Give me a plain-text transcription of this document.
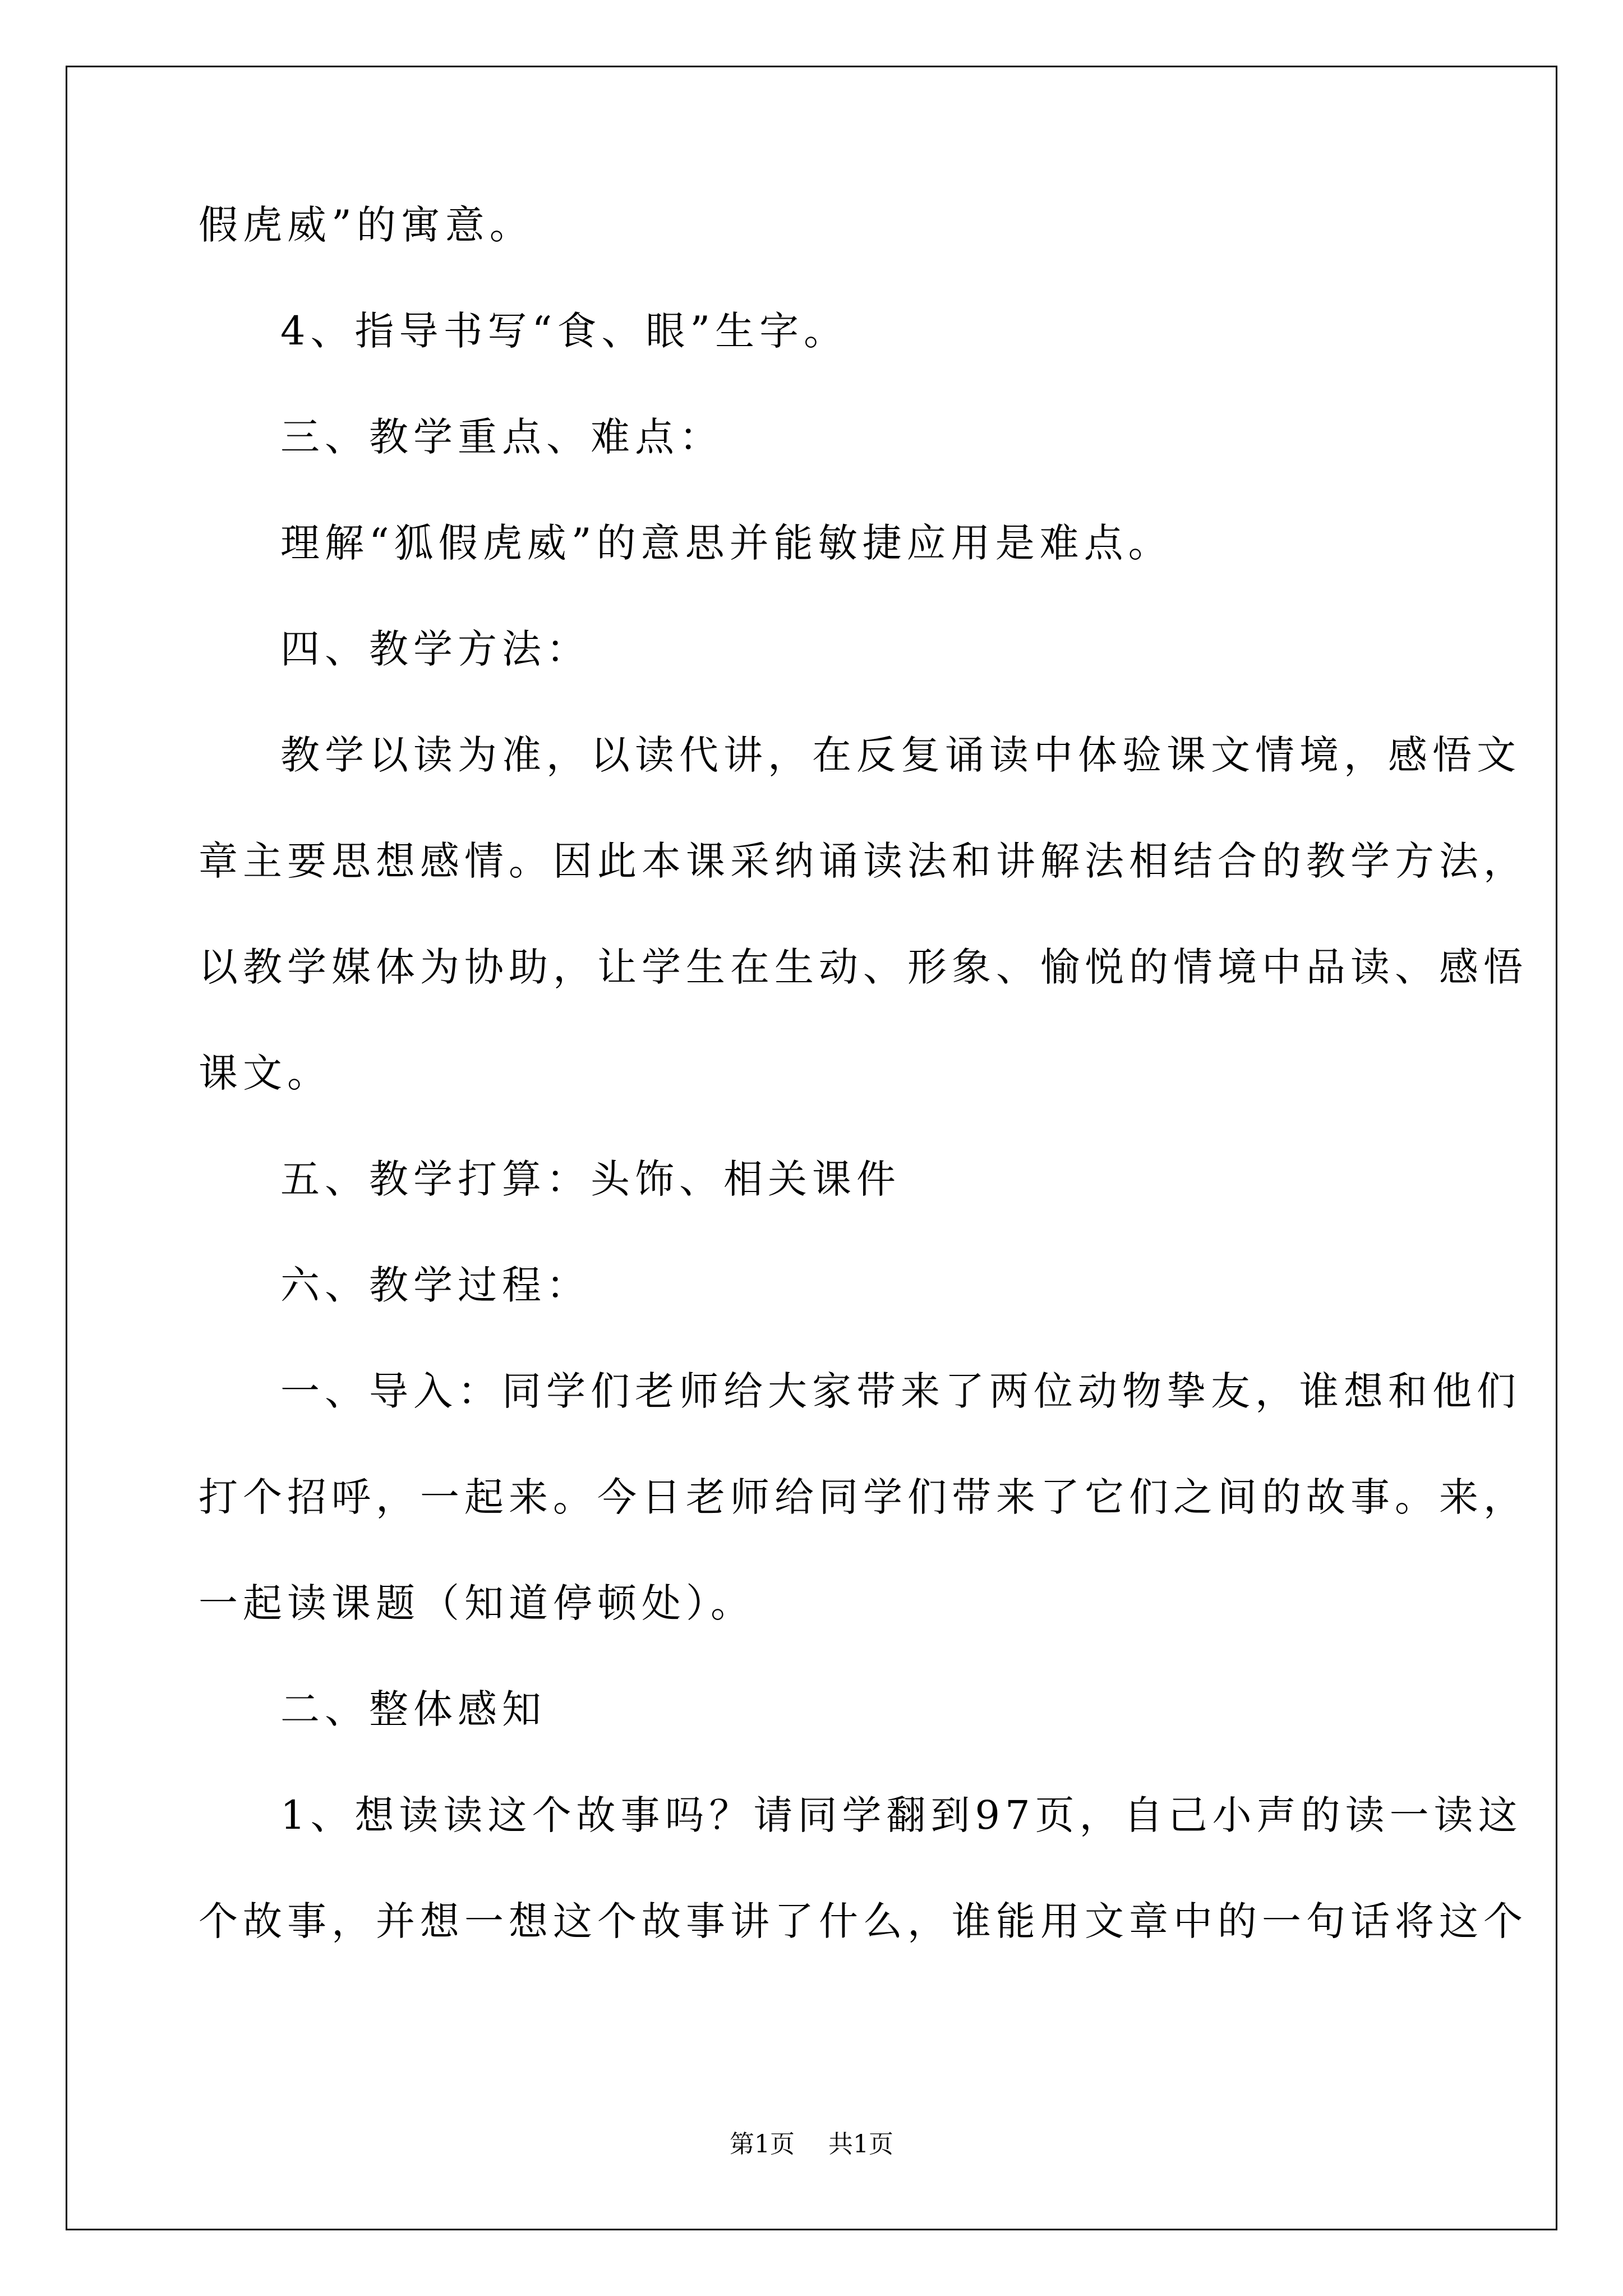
假虎威”的寓意。
4、指导书写“食、眼”生字。
三、教学重点、难点：
理解“狐假虎威”的意思并能敏捷应用是难点。
四、教学方法：
教学以读为准，以读代讲，在反复诵读中体验课文情境，感悟文
章主要思想感情。因此本课采纳诵读法和讲解法相结合的教学方法，
以教学媒体为协助，让学生在生动、形象、愉悦的情境中品读、感悟
课文。
五、教学打算：头饰、相关课件
六、教学过程：
一、导入：同学们老师给大家带来了两位动物挚友，谁想和他们
打个招呼，一起来。今日老师给同学们带来了它们之间的故事。来，
一起读课题（知道停顿处）。
二、整体感知
1、想读读这个故事吗？请同学翻到97页，自己小声的读一读这
个故事，并想一想这个故事讲了什么，谁能用文章中的一句话将这个
第1页 共1页
